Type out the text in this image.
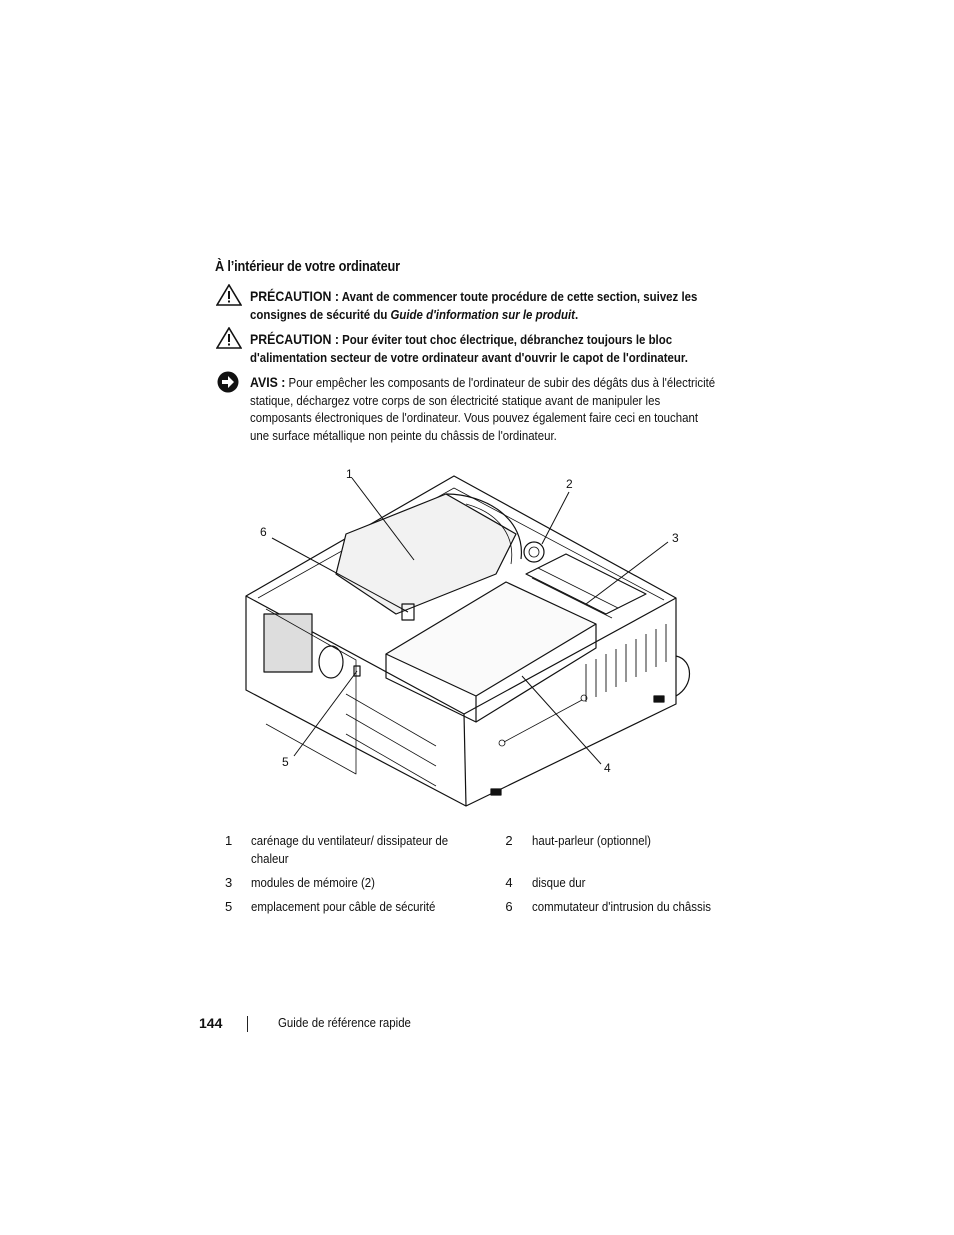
À l’intérieur de votre ordinateur
PRÉCAUTION : Avant de commencer toute procédure de cette section, suivez les consignes de sécurité du Guide d'information sur le produit.
PRÉCAUTION : Pour éviter tout choc électrique, débranchez toujours le bloc d'alimentation secteur de votre ordinateur avant d'ouvrir le capot de l'ordinateur.
AVIS : Pour empêcher les composants de l'ordinateur de subir des dégâts dus à l'électricité statique, déchargez votre corps de son électricité statique avant de manipuler les composants électroniques de l'ordinateur. Vous pouvez également faire ceci en touchant une surface métallique non peinte du châssis de l'ordinateur.
1
2
3
4
5
6
1	carénage du ventilateur/ dissipateur de chaleur	2	haut-parleur (optionnel)
3	modules de mémoire (2)	4	disque dur
5	emplacement pour câble de sécurité	6	commutateur d'intrusion du châssis
144	Guide de référence rapide
